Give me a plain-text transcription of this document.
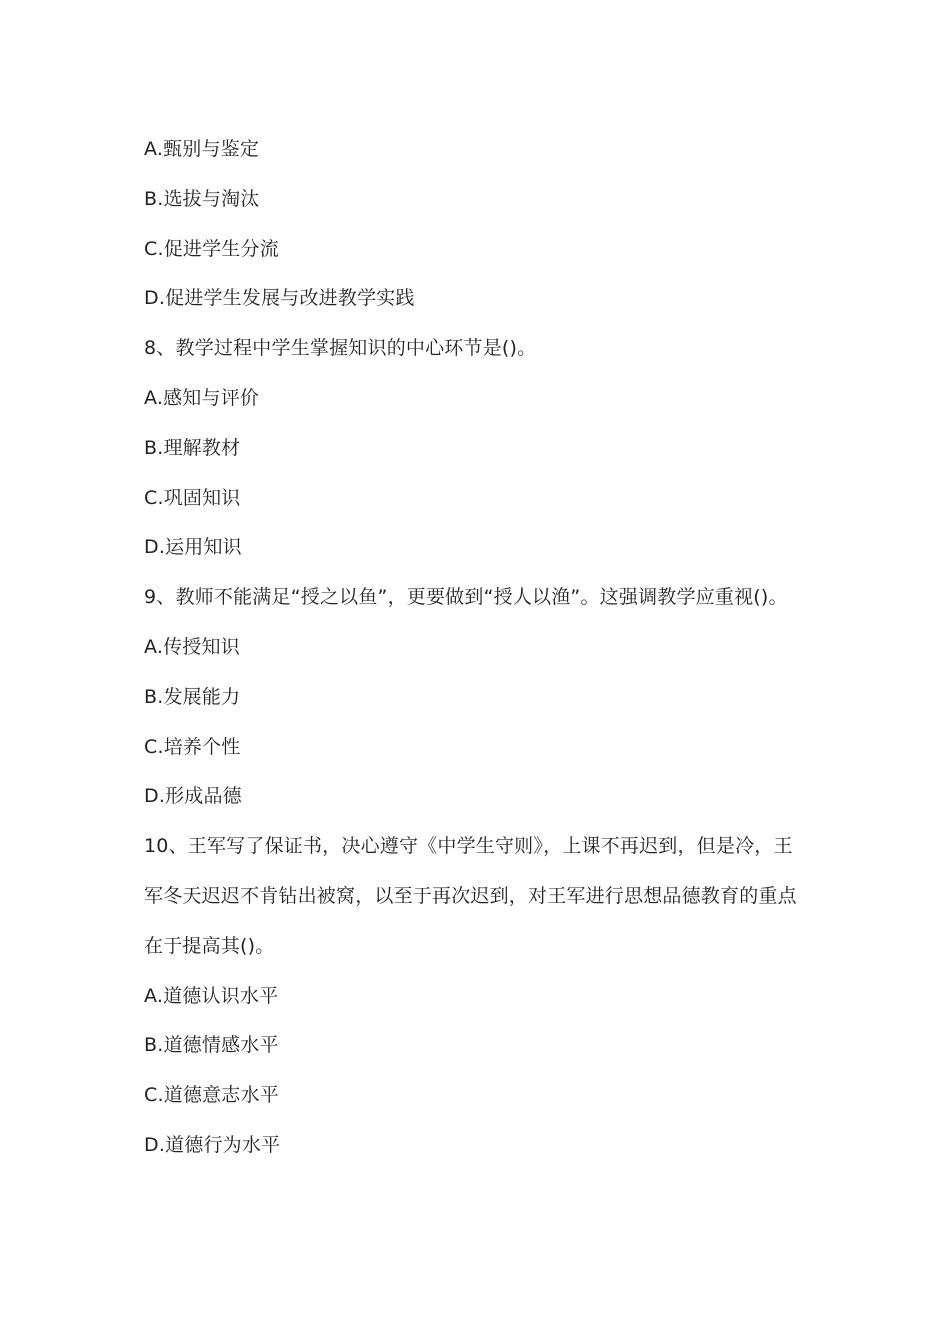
A.甄别与鉴定
B.选拔与淘汰
C.促进学生分流
D.促进学生发展与改进教学实践
8、教学过程中学生掌握知识的中心环节是()。
A.感知与评价
B.理解教材
C.巩固知识
D.运用知识
9、教师不能满足“授之以鱼”，更要做到“授人以渔”。这强调教学应重视()。
A.传授知识
B.发展能力
C.培养个性
D.形成品德
10、王军写了保证书，决心遵守《中学生守则》，上课不再迟到，但是冷，王
军冬天迟迟不肯钻出被窝，以至于再次迟到，对王军进行思想品德教育的重点
在于提高其()。
A.道德认识水平
B.道德情感水平
C.道德意志水平
D.道德行为水平
